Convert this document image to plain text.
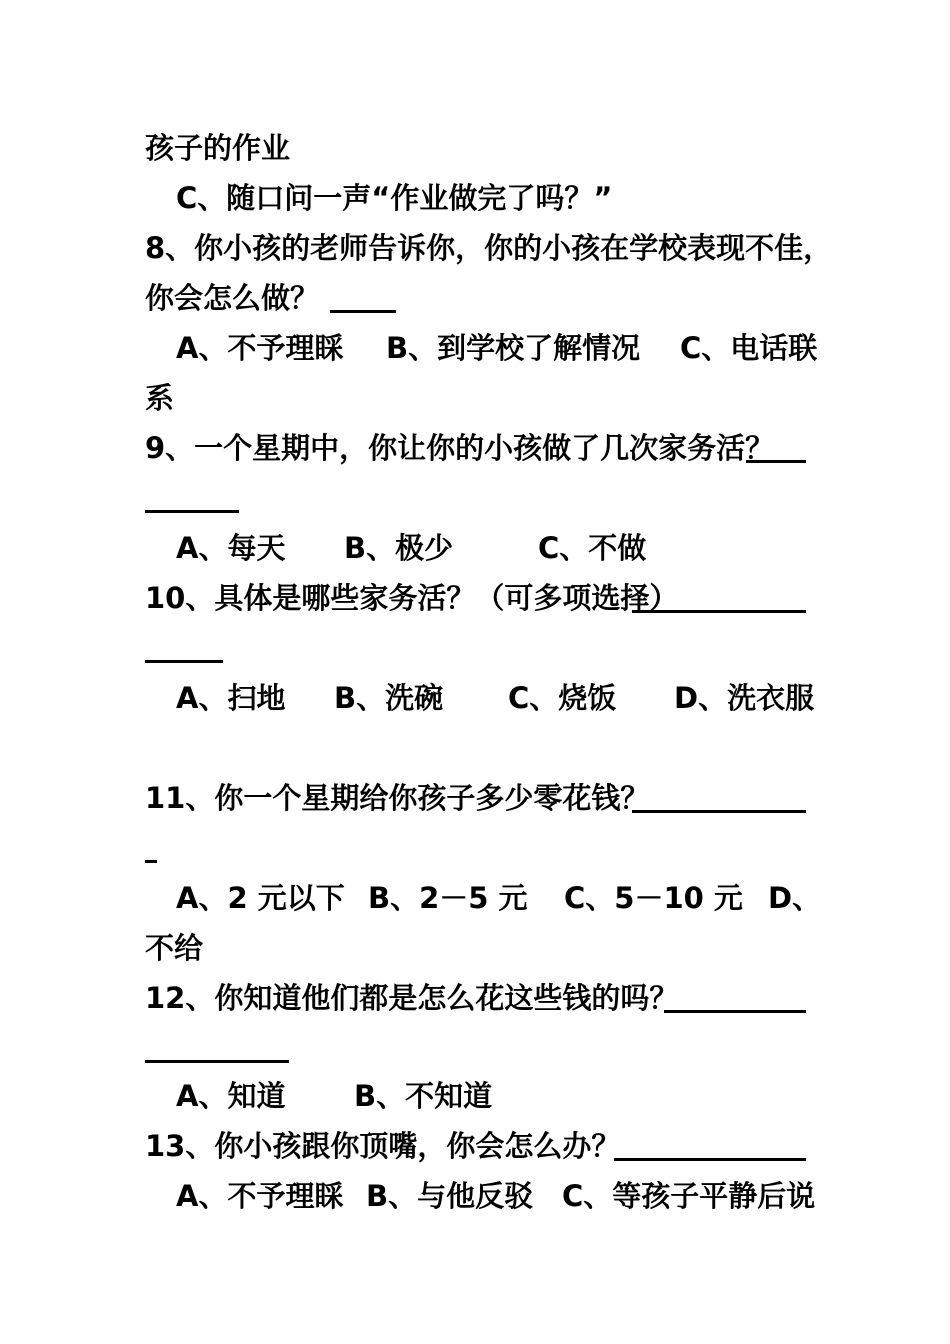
孩子的作业
C、随口问一声“作业做完了吗？”
8、你小孩的老师告诉你，你的小孩在学校表现不佳，
你会怎么做？
A、不予理睬 B、到学校了解情况 C、电话联
系
9、一个星期中，你让你的小孩做了几次家务活？
A、每天 B、极少	C、不做
10、具体是哪些家务活？（可多项选择）
A、扫地 B、洗碗 C、烧饭 D、洗衣服
11、你一个星期给你孩子多少零花钱？
A、2 元以下 B、2－5 元 C、5－10 元 D、
不给
12、你知道他们都是怎么花这些钱的吗？
A、知道 B、不知道
13、你小孩跟你顶嘴，你会怎么办？
A、不予理睬 B、与他反驳 C、等孩子平静后说
